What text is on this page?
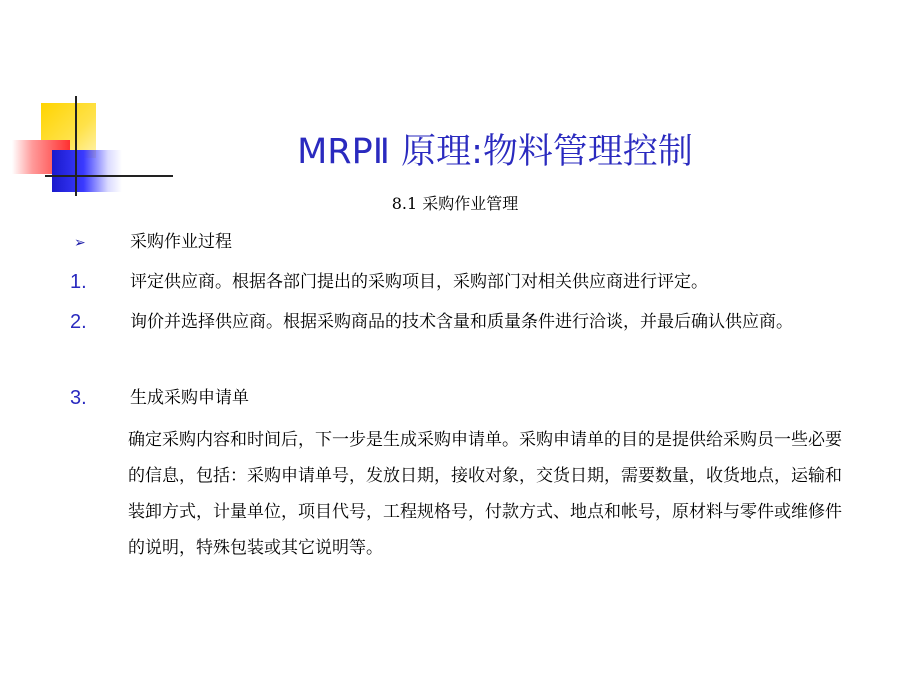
MRPⅡ 原理:物料管理控制
8.1 采购作业管理
➢	采购作业过程
1.	评定供应商。根据各部门提出的采购项目，采购部门对相关供应商进行评定。
2.	询价并选择供应商。根据采购商品的技术含量和质量条件进行洽谈，并最后确认供应商。
3.	生成采购申请单
确定采购内容和时间后，下一步是生成采购申请单。采购申请单的目的是提供给采购员一些必要的信息，包括：采购申请单号，发放日期，接收对象，交货日期，需要数量，收货地点，运输和装卸方式，计量单位，项目代号，工程规格号，付款方式、地点和帐号，原材料与零件或维修件的说明，特殊包装或其它说明等。
